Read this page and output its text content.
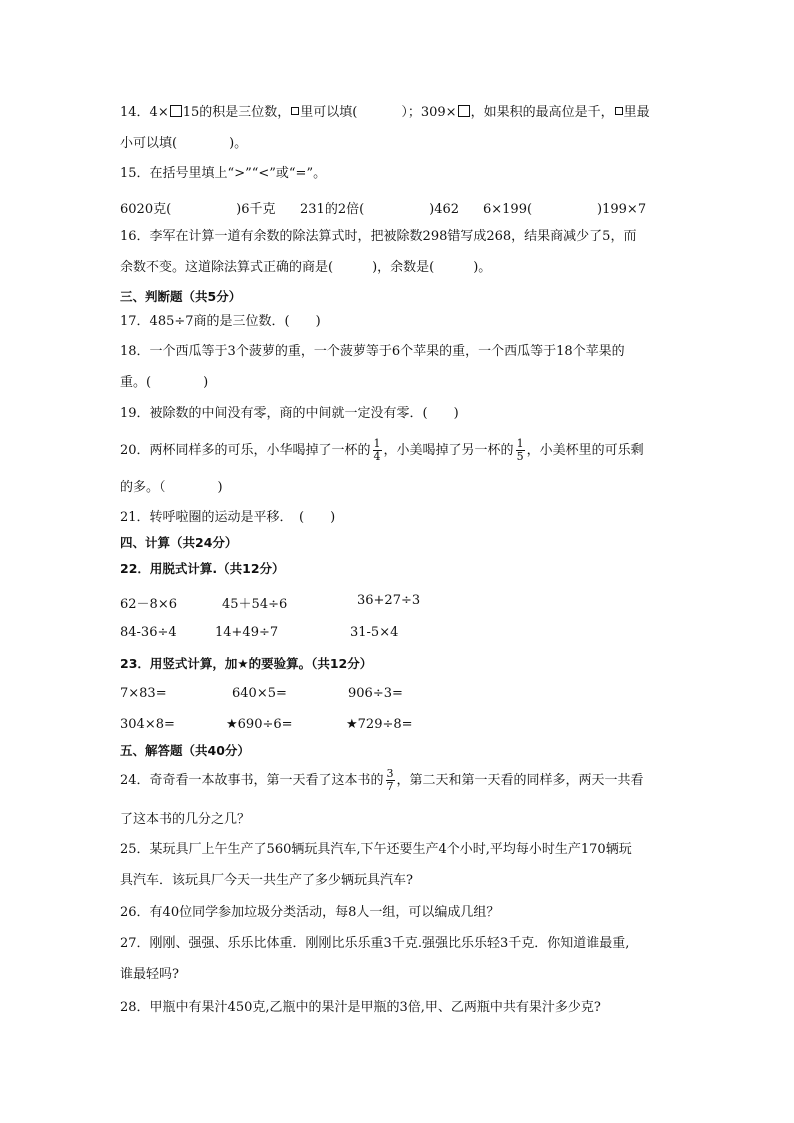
14．4× 15的积是三位数， 里可以填(	）；309× ，如果积的最高位是千， 里最
小可以填(　　　　)。
15．在括号里填上“>”“<”或“=”。
6020克(　　　　　)6千克 231的2倍(　　　　　)462 6×199(　　　　　)199×7
16．李军在计算一道有余数的除法算式时，把被除数298错写成268，结果商减少了5，而
余数不变。这道除法算式正确的商是(　　　)，余数是(　　　)。
三、判断题（共5分）
17．485÷7商的是三位数．(　　)
18．一个西瓜等于3个菠萝的重，一个菠萝等于6个苹果的重，一个西瓜等于18个苹果的
重。(　　　　)
19．被除数的中间没有零，商的中间就一定没有零．(　　)
20．两杯同样多的可乐，小华喝掉了一杯的 $\frac{1}{4}$ ，小美喝掉了另一杯的 $\frac{1}{5}$ ，小美杯里的可乐剩
的多。（　　　　)
21．转呼啦圈的运动是平移．　(　　)
四、计算（共24分）
22．用脱式计算.（共12分）
62－8×6	45＋54÷6	36+27÷3
84-36÷4	14+49÷7	31-5×4
23．用竖式计算，加★的要验算。（共12分）
7×83=	640×5=	906÷3=
304×8=	★690÷6=	★729÷8=
五、解答题（共40分）
24．奇奇看一本故事书，第一天看了这本书的 $\frac{3}{7}$ ，第二天和第一天看的同样多，两天一共看
了这本书的几分之几？
25．某玩具厂上午生产了560辆玩具汽车,下午还要生产4个小时,平均每小时生产170辆玩
具汽车．该玩具厂今天一共生产了多少辆玩具汽车?
26．有40位同学参加垃圾分类活动，每8人一组，可以编成几组？
27．刚刚、强强、乐乐比体重．刚刚比乐乐重3千克.强强比乐乐轻3千克．你知道谁最重,
谁最轻吗?
28．甲瓶中有果汁450克,乙瓶中的果汁是甲瓶的3倍,甲、乙两瓶中共有果汁多少克?
